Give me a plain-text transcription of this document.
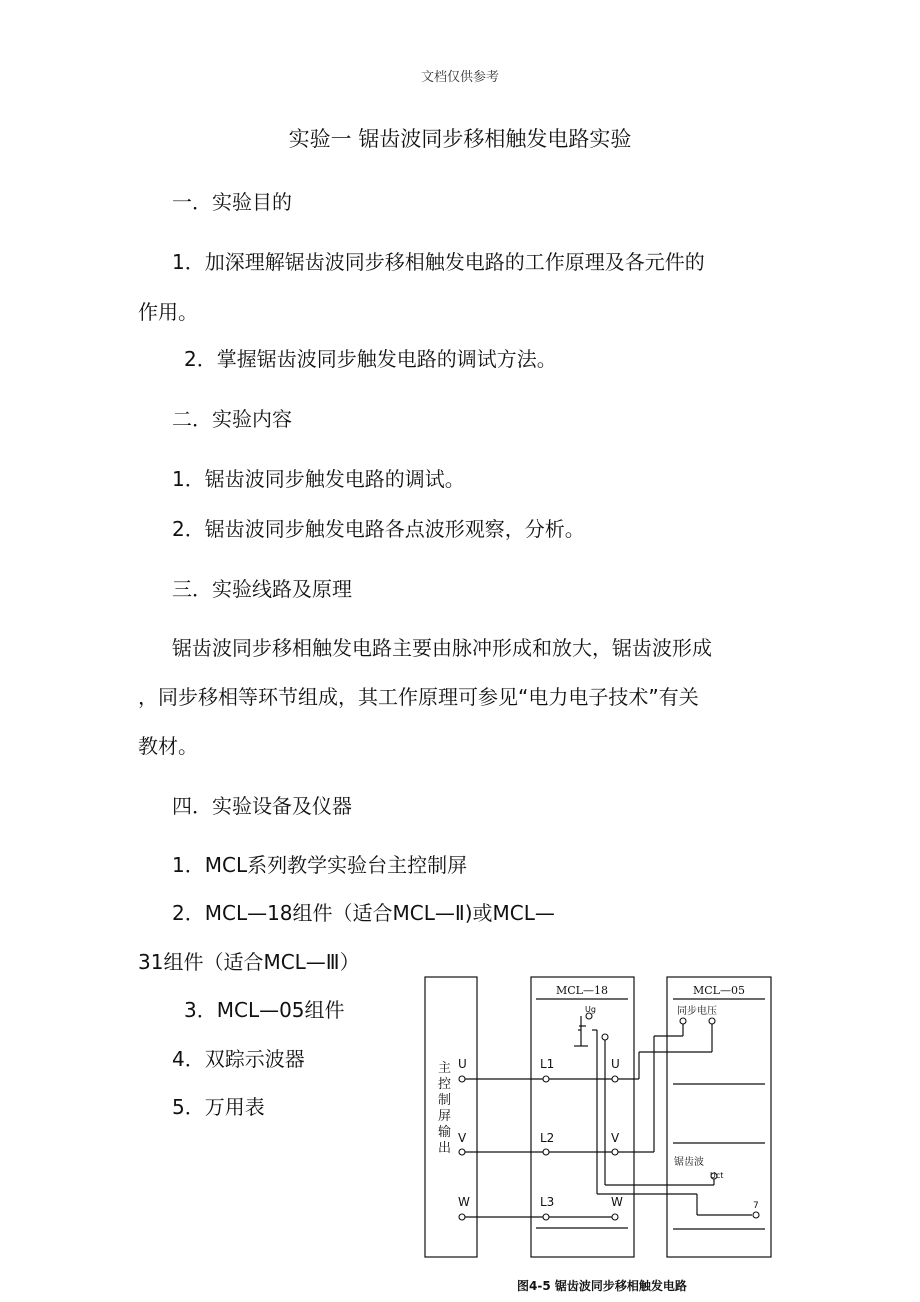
文档仅供参考
实验一 锯齿波同步移相触发电路实验
一．实验目的
1．加深理解锯齿波同步移相触发电路的工作原理及各元件的
作用。
2．掌握锯齿波同步触发电路的调试方法。
二．实验内容
1．锯齿波同步触发电路的调试。
2．锯齿波同步触发电路各点波形观察，分析。
三．实验线路及原理
锯齿波同步移相触发电路主要由脉冲形成和放大，锯齿波形成
，同步移相等环节组成，其工作原理可参见“电力电子技术”有关
教材。
四．实验设备及仪器
1．MCL系列教学实验台主控制屏
2．MCL—18组件（适合MCL—Ⅱ)或MCL—
31组件（适合MCL—Ⅲ）
3．MCL—05组件
4．双踪示波器
5．万用表
主
控
制
屏
输
出
U
V
W
L1
L2
L3
U
V
W
MCL—18	MCL—05
Ug	同步电压
锯齿波
Uct
7
图4-5 锯齿波同步移相触发电路
